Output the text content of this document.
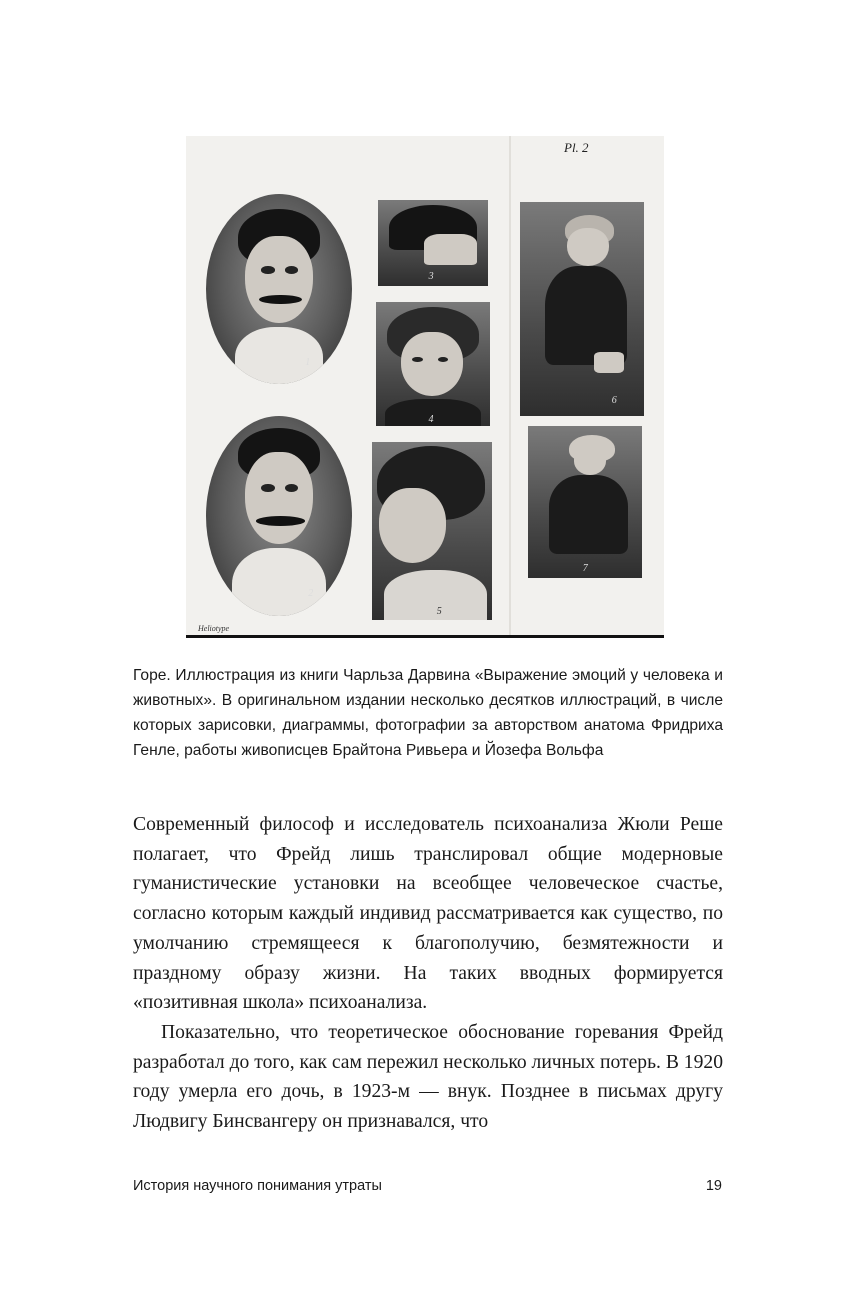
Pl. 2
1
2
3
4
5
6
7
Heliotype

Горе. Иллюстрация из книги Чарльза Дарвина «Выражение эмоций у человека и животных». В оригинальном издании несколько десятков иллюстраций, в числе которых зарисовки, диаграммы, фотографии за авторством анатома Фридриха Генле, работы живописцев Брайтона Ривьера и Йозефа Вольфа

Современный философ и исследователь психоанализа Жюли Реше полагает, что Фрейд лишь транслировал общие модерновые гуманистические установки на всеобщее человеческое счастье, согласно которым каждый индивид рассматривается как существо, по умолчанию стремящееся к благополучию, безмятежности и праздному образу жизни. На таких вводных формируется «позитивная школа» психоанализа.

Показательно, что теоретическое обоснование горевания Фрейд разработал до того, как сам пережил несколько личных потерь. В 1920 году умерла его дочь, в 1923-м — внук. Позднее в письмах другу Людвигу Бинсвангеру он признавался, что

История научного понимания утраты	19
